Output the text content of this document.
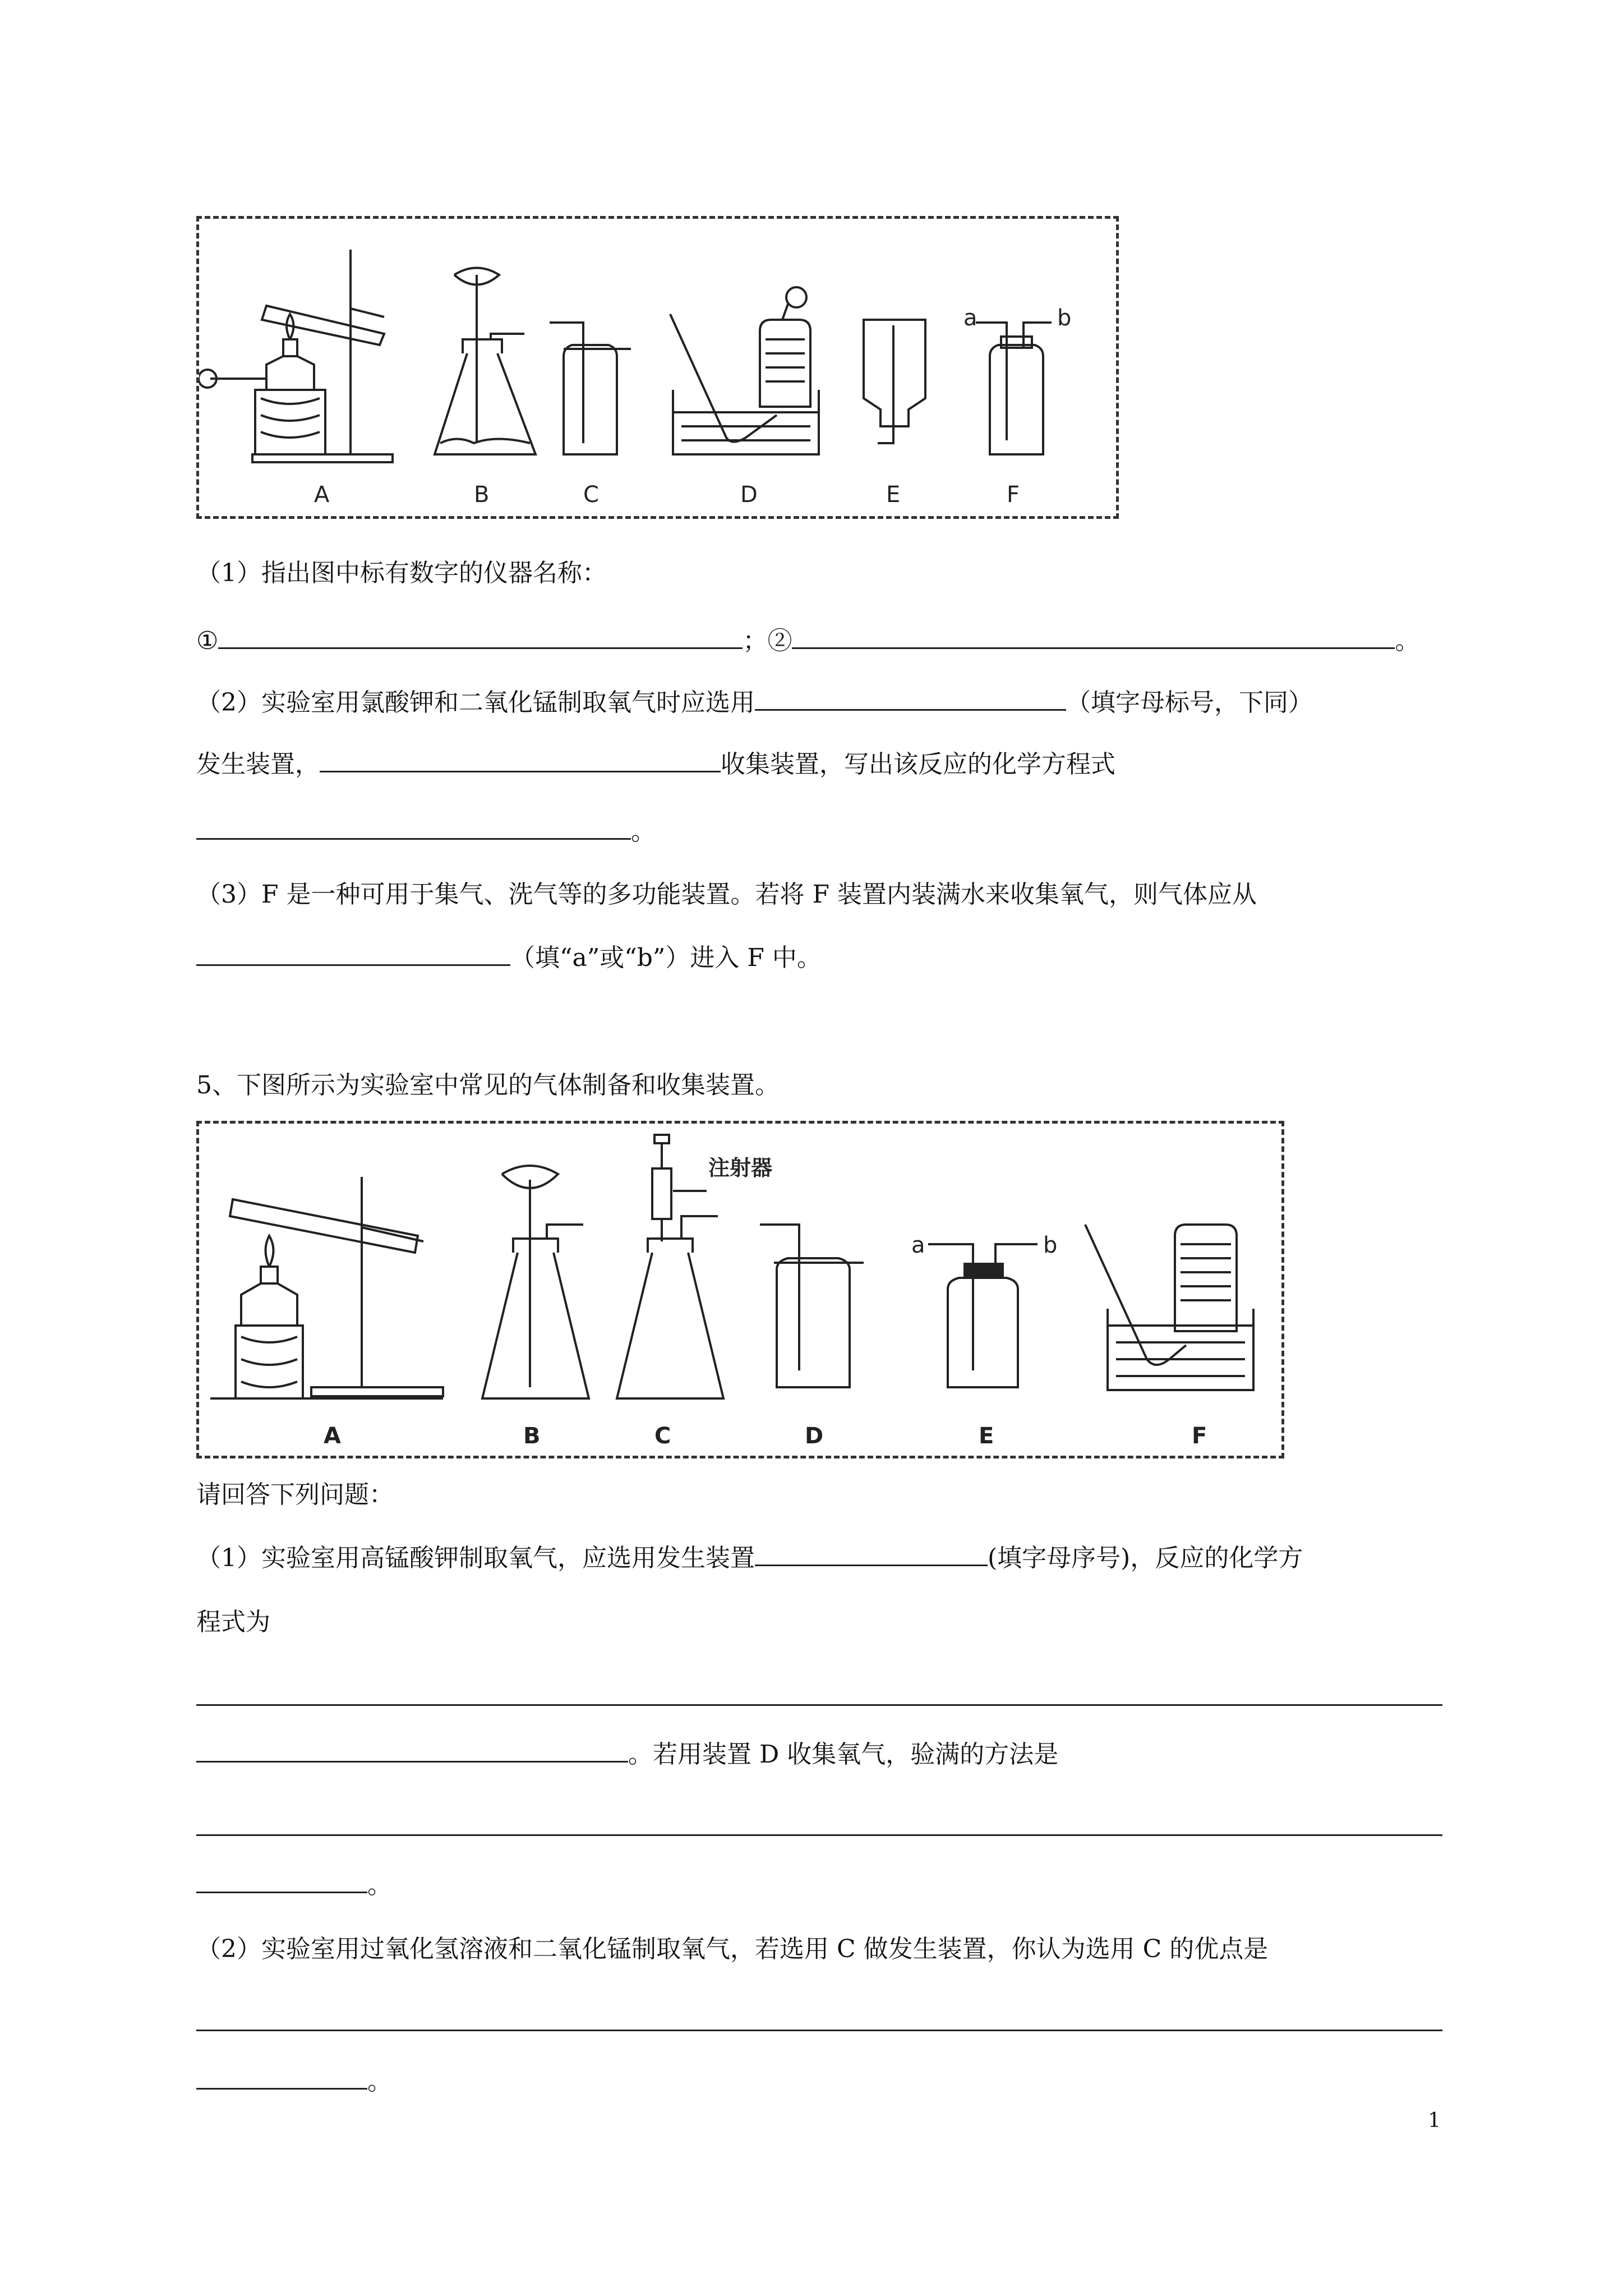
A	B	C	D	E	F
a	b
（1）指出图中标有数字的仪器名称：
①	；②	。
（2）实验室用氯酸钾和二氧化锰制取氧气时应选用	（填字母标号，下同）
发生装置，	收集装置，写出该反应的化学方程式
。
（3）F 是一种可用于集气、洗气等的多功能装置。若将 F 装置内装满水来收集氧气，则气体应从
（填“a”或“b”）进入 F 中。
5、下图所示为实验室中常见的气体制备和收集装置。
A	B	C	D	E	F
注射器
a	b
请回答下列问题：
（1）实验室用高锰酸钾制取氧气，应选用发生装置	(填字母序号)，反应的化学方
程式为
。若用装置 D 收集氧气，验满的方法是
。
（2）实验室用过氧化氢溶液和二氧化锰制取氧气，若选用 C 做发生装置，你认为选用 C 的优点是
。
1
